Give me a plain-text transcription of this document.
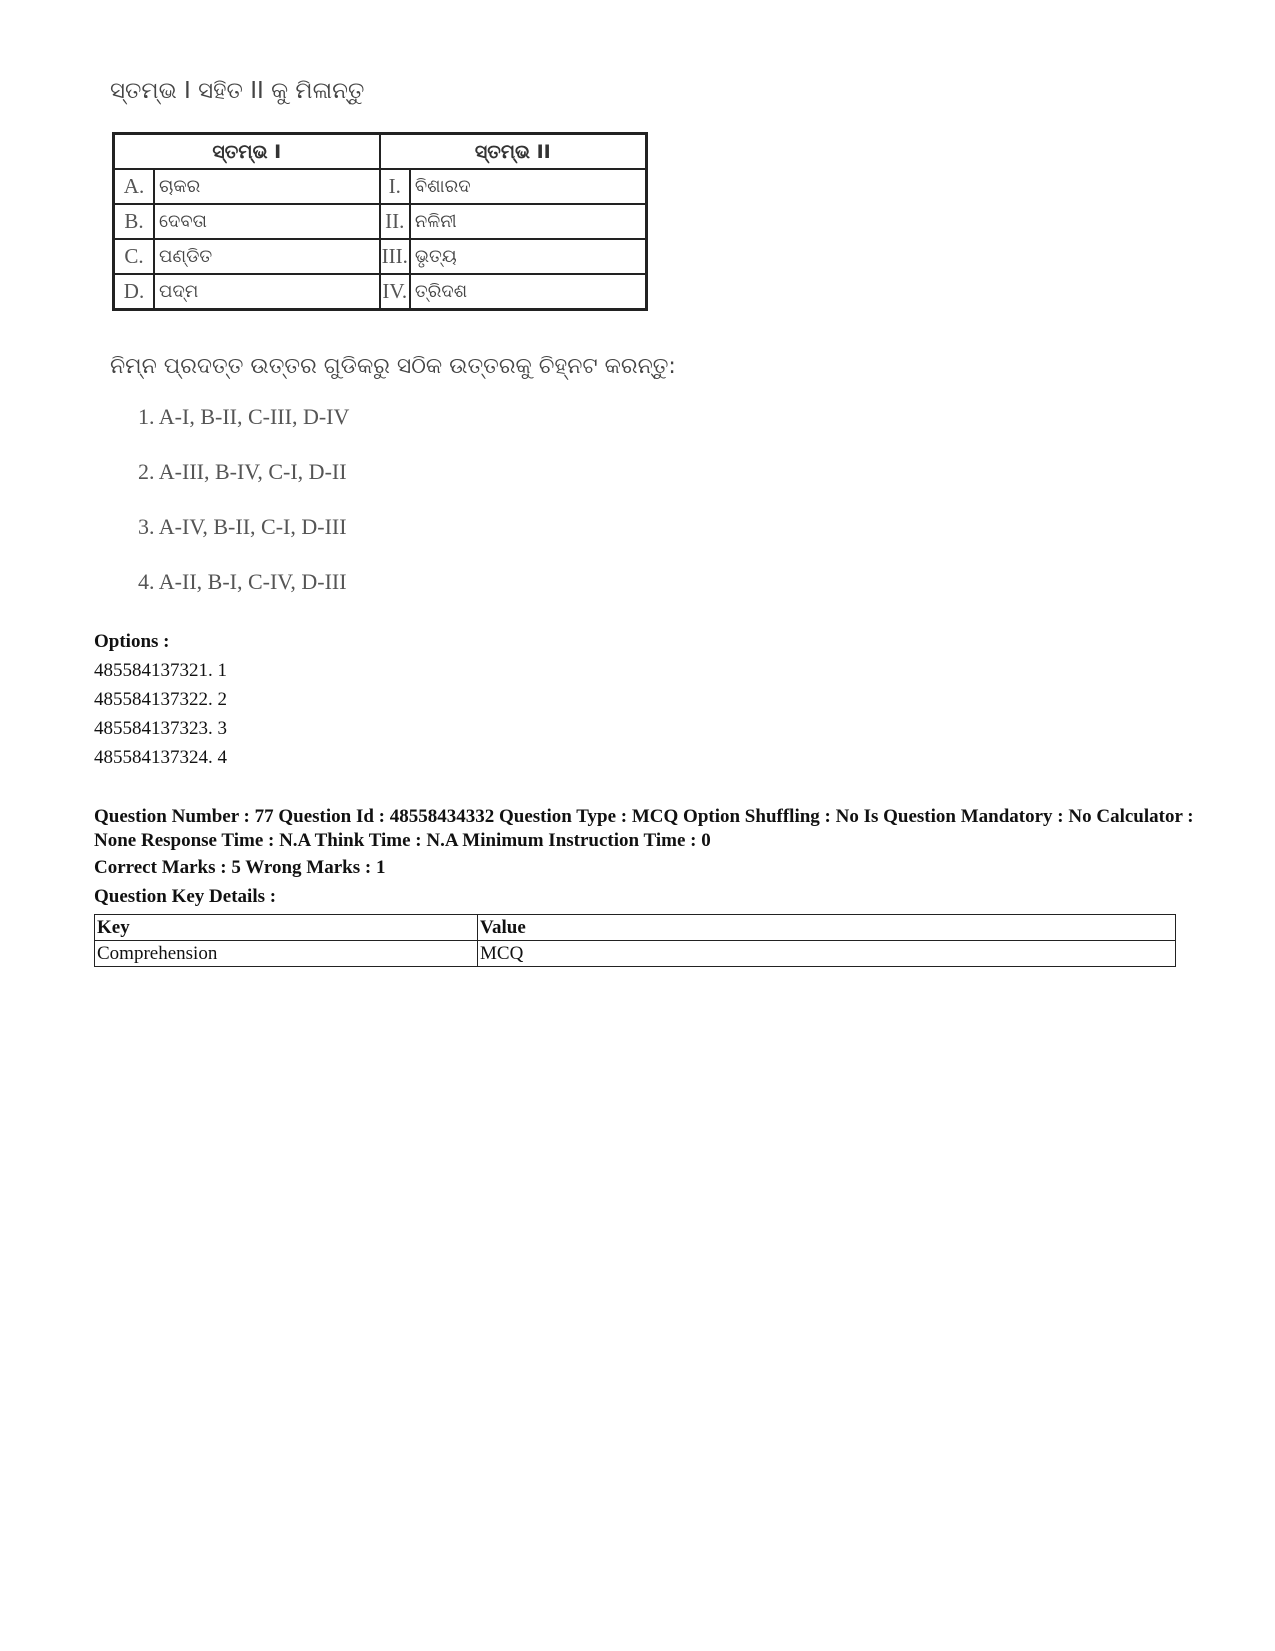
ସ୍ତମ୍ଭ I ସହିତ II କୁ ମିଳାନ୍ତୁ
ସ୍ତମ୍ଭ I		ସ୍ତମ୍ଭ II	
A.	ଚାକର	I.	ବିଶାରଦ
B.	ଦେବତା	II.	ନଳିନୀ
C.	ପଣ୍ଡିତ	III.	ଭୃତ୍ୟ
D.	ପଦ୍ମ	IV.	ତ୍ରିଦଶ
ନିମ୍ନ ପ୍ରଦତ୍ତ ଉତ୍ତର ଗୁଡିକରୁ ସଠିକ ଉତ୍ତରକୁ ଚିହ୍ନଟ କରନ୍ତୁ:
1. A-I, B-II, C-III, D-IV
2. A-III, B-IV, C-I, D-II
3. A-IV, B-II, C-I, D-III
4. A-II, B-I, C-IV, D-III
Options :
485584137321. 1
485584137322. 2
485584137323. 3
485584137324. 4
Question Number : 77 Question Id : 48558434332 Question Type : MCQ Option Shuffling : No Is Question Mandatory : No Calculator : None Response Time : N.A Think Time : N.A Minimum Instruction Time : 0
Correct Marks : 5 Wrong Marks : 1
Question Key Details :
Key	Value
Comprehension	MCQ
